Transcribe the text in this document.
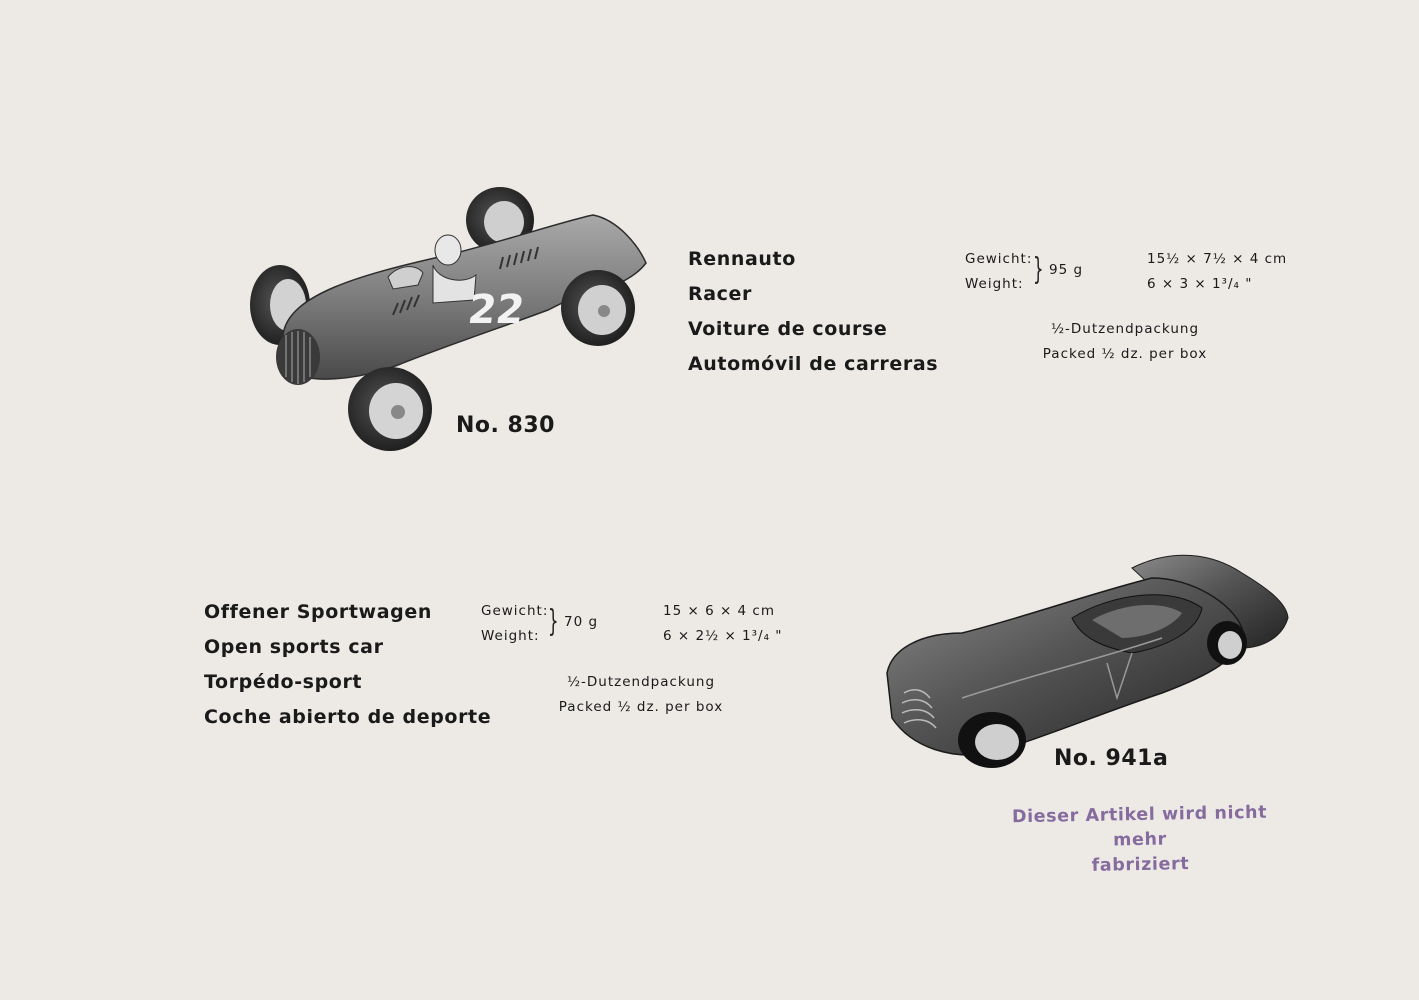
22
No. 830

Rennauto

Racer

Voiture de course

Automóvil de carreras

Gewicht:
Weight: } 95 g
15½ × 7½ × 4 cm
6 × 3 × 1³/₄ "
½-Dutzendpackung
Packed ½ dz. per box

Offener Sportwagen

Open sports car

Torpédo-sport

Coche abierto de deporte

Gewicht:
Weight: } 70 g
15 × 6 × 4 cm
6 × 2½ × 1³/₄ "
½-Dutzendpackung
Packed ½ dz. per box
No. 941a
Dieser Artikel wird nicht mehr
fabriziert
